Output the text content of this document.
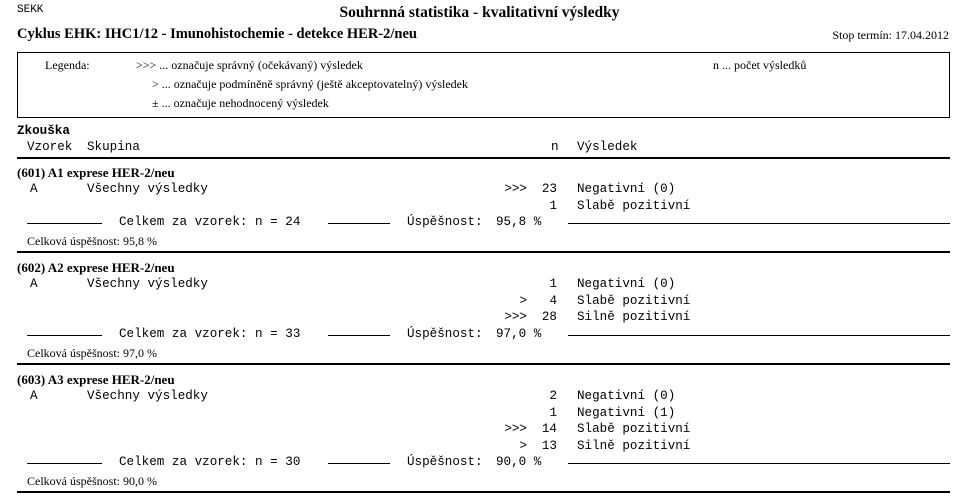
SEKK	Souhrnná statistika - kvalitativní výsledky
Cyklus EHK: IHC1/12 - Imunohistochemie - detekce HER-2/neu	Stop termín: 17.04.2012
Legenda:	>>> ... označuje správný (očekávaný) výsledek
> ... označuje podmíněně správný (ještě akceptovatelný) výsledek
± ... označuje nehodnocený výsledek
n ... počet výsledků
Zkouška
Vzorek Skupina	n Výsledek
(601) A1 exprese HER-2/neu
A	Všechny výsledky	>>> 23 Negativní (0)
1 Slabě pozitivní
Celkem za vzorek: n = 24	Úspěšnost: 95,8 %
Celková úspěšnost: 95,8 %
(602) A2 exprese HER-2/neu
A	Všechny výsledky	1 Negativní (0)
> 4 Slabě pozitivní
>>> 28 Silně pozitivní
Celkem za vzorek: n = 33	Úspěšnost: 97,0 %
Celková úspěšnost: 97,0 %
(603) A3 exprese HER-2/neu
A	Všechny výsledky	2 Negativní (0)
1 Negativní (1)
>>> 14 Slabě pozitivní
> 13 Silně pozitivní
Celkem za vzorek: n = 30	Úspěšnost: 90,0 %
Celková úspěšnost: 90,0 %
